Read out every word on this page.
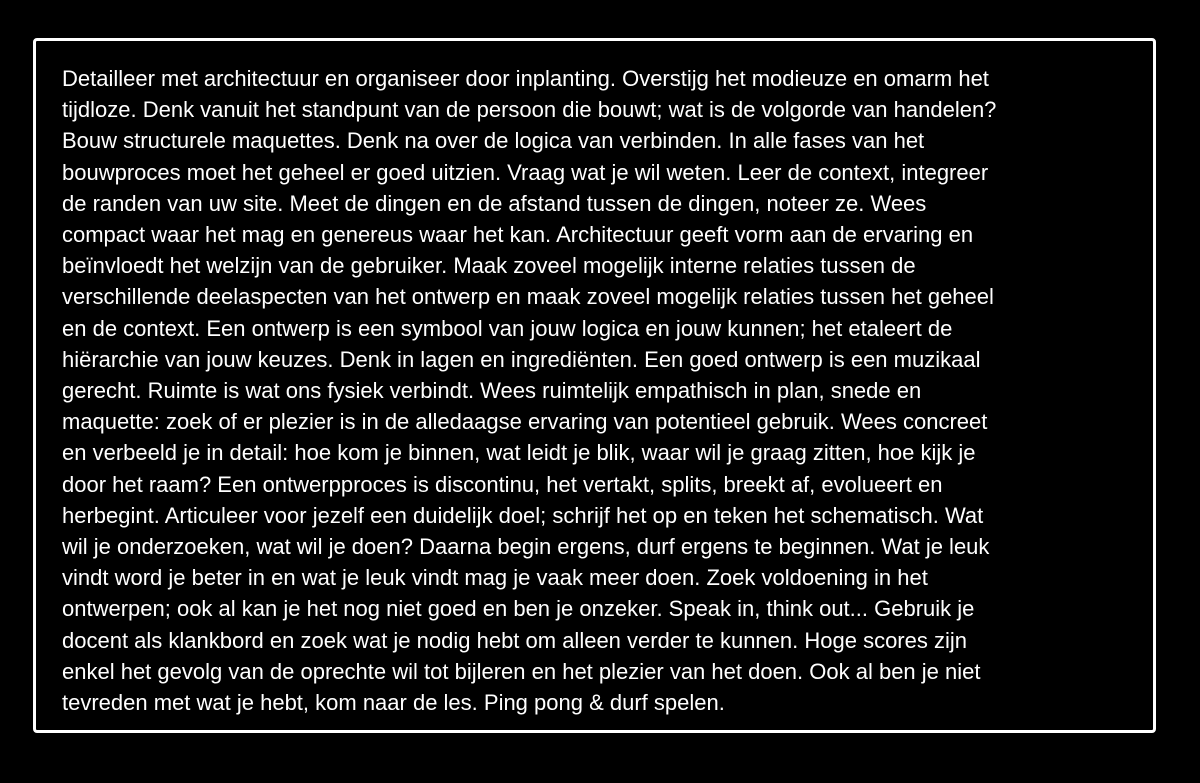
Detailleer met architectuur en organiseer door inplanting. Overstijg het modieuze en omarm het
tijdloze. Denk vanuit het standpunt van de persoon die bouwt; wat is de volgorde van handelen?
Bouw structurele maquettes. Denk na over de logica van verbinden. In alle fases van het
bouwproces moet het geheel er goed uitzien. Vraag wat je wil weten. Leer de context, integreer
de randen van uw site. Meet de dingen en de afstand tussen de dingen, noteer ze. Wees
compact waar het mag en genereus waar het kan. Architectuur geeft vorm aan de ervaring en
beïnvloedt het welzijn van de gebruiker. Maak zoveel mogelijk interne relaties tussen de
verschillende deelaspecten van het ontwerp en maak zoveel mogelijk relaties tussen het geheel
en de context. Een ontwerp is een symbool van jouw logica en jouw kunnen; het etaleert de
hiërarchie van jouw keuzes. Denk in lagen en ingrediënten. Een goed ontwerp is een muzikaal
gerecht. Ruimte is wat ons fysiek verbindt. Wees ruimtelijk empathisch in plan, snede en
maquette: zoek of er plezier is in de alledaagse ervaring van potentieel gebruik. Wees concreet
en verbeeld je in detail: hoe kom je binnen, wat leidt je blik, waar wil je graag zitten, hoe kijk je
door het raam? Een ontwerpproces is discontinu, het vertakt, splits, breekt af, evolueert en
herbegint. Articuleer voor jezelf een duidelijk doel; schrijf het op en teken het schematisch. Wat
wil je onderzoeken, wat wil je doen? Daarna begin ergens, durf ergens te beginnen. Wat je leuk
vindt word je beter in en wat je leuk vindt mag je vaak meer doen. Zoek voldoening in het
ontwerpen; ook al kan je het nog niet goed en ben je onzeker. Speak in, think out... Gebruik je
docent als klankbord en zoek wat je nodig hebt om alleen verder te kunnen. Hoge scores zijn
enkel het gevolg van de oprechte wil tot bijleren en het plezier van het doen. Ook al ben je niet
tevreden met wat je hebt, kom naar de les. Ping pong & durf spelen.
